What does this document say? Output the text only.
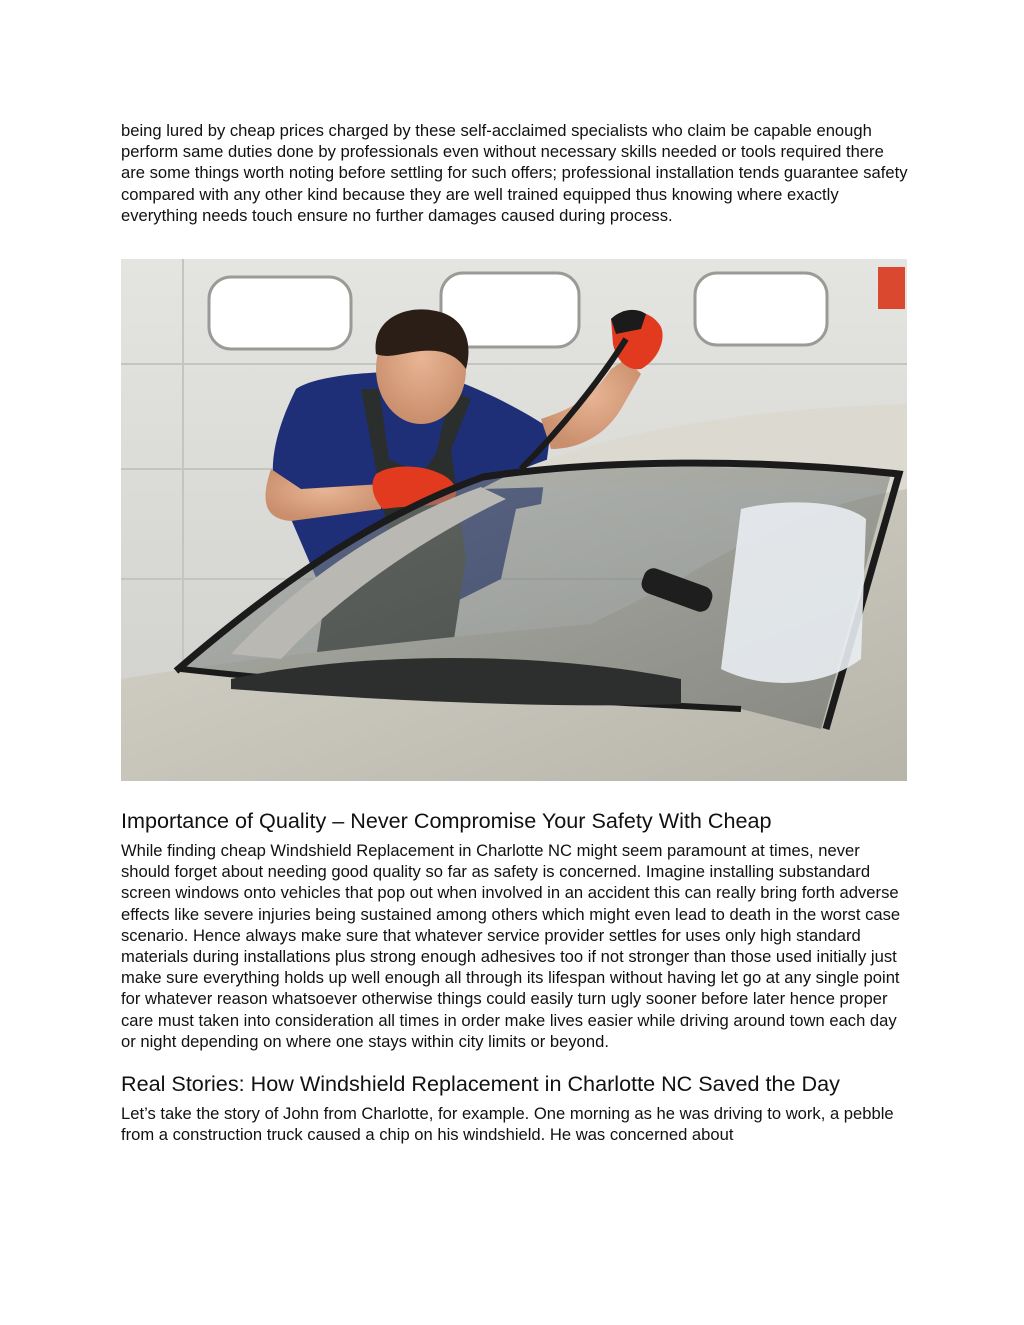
being lured by cheap prices charged by these self-acclaimed specialists who claim be capable enough perform same duties done by professionals even without necessary skills needed or tools required there are some things worth noting before settling for such offers; professional installation tends guarantee safety compared with any other kind because they are well trained equipped thus knowing where exactly everything needs touch ensure no further damages caused during process.

Importance of Quality – Never Compromise Your Safety With Cheap

While finding cheap Windshield Replacement in Charlotte NC might seem paramount at times, never should forget about needing good quality so far as safety is concerned. Imagine installing substandard screen windows onto vehicles that pop out when involved in an accident this can really bring forth adverse effects like severe injuries being sustained among others which might even lead to death in the worst case scenario. Hence always make sure that whatever service provider settles for uses only high standard materials during installations plus strong enough adhesives too if not stronger than those used initially just make sure everything holds up well enough all through its lifespan without having let go at any single point for whatever reason whatsoever otherwise things could easily turn ugly sooner before later hence proper care must taken into consideration all times in order make lives easier while driving around town each day or night depending on where one stays within city limits or beyond.

Real Stories: How Windshield Replacement in Charlotte NC Saved the Day

Let’s take the story of John from Charlotte, for example. One morning as he was driving to work, a pebble from a construction truck caused a chip on his windshield. He was concerned about
